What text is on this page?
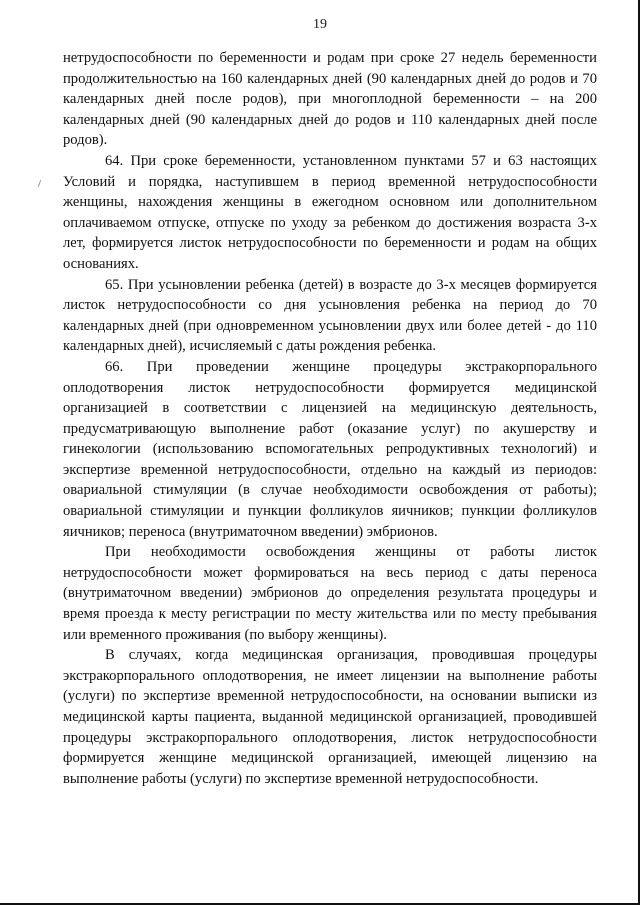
19

нетрудоспособности по беременности и родам при сроке 27 недель беременности продолжительностью на 160 календарных дней (90 календарных дней до родов и 70 календарных дней после родов), при многоплодной беременности – на 200 календарных дней (90 календарных дней до родов и 110 календарных дней после родов).

64. При сроке беременности, установленном пунктами 57 и 63 настоящих Условий и порядка, наступившем в период временной нетрудоспособности женщины, нахождения женщины в ежегодном основном или дополнительном оплачиваемом отпуске, отпуске по уходу за ребенком до достижения возраста 3-х лет, формируется листок нетрудоспособности по беременности и родам на общих основаниях.

65. При усыновлении ребенка (детей) в возрасте до 3-х месяцев формируется листок нетрудоспособности со дня усыновления ребенка на период до 70 календарных дней (при одновременном усыновлении двух или более детей - до 110 календарных дней), исчисляемый с даты рождения ребенка.

66. При проведении женщине процедуры экстракорпорального оплодотворения листок нетрудоспособности формируется медицинской организацией в соответствии с лицензией на медицинскую деятельность, предусматривающую выполнение работ (оказание услуг) по акушерству и гинекологии (использованию вспомогательных репродуктивных технологий) и экспертизе временной нетрудоспособности, отдельно на каждый из периодов: овариальной стимуляции (в случае необходимости освобождения от работы); овариальной стимуляции и пункции фолликулов яичников; пункции фолликулов яичников; переноса (внутриматочном введении) эмбрионов.

При необходимости освобождения женщины от работы листок нетрудоспособности может формироваться на весь период с даты переноса (внутриматочном введении) эмбрионов до определения результата процедуры и время проезда к месту регистрации по месту жительства или по месту пребывания или временного проживания (по выбору женщины).

В случаях, когда медицинская организация, проводившая процедуры экстракорпорального оплодотворения, не имеет лицензии на выполнение работы (услуги) по экспертизе временной нетрудоспособности, на основании выписки из медицинской карты пациента, выданной медицинской организацией, проводившей процедуры экстракорпорального оплодотворения, листок нетрудоспособности формируется женщине медицинской организацией, имеющей лицензию на выполнение работы (услуги) по экспертизе временной нетрудоспособности.
